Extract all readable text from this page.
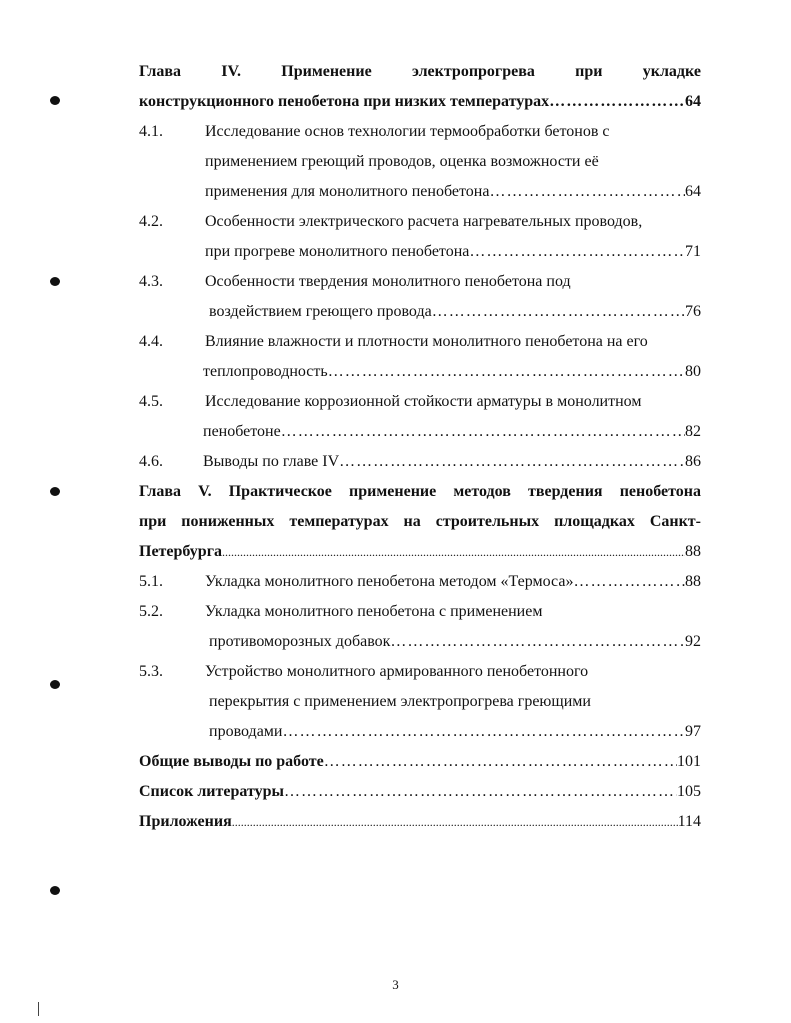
Глава	IV.	Применение	электропрогрева	при	укладке
конструкционного пенобетона при низких температурах …………………………………………………………………………………………………………………………………………………………………………………………………	64
4.1.	Исследование основ технологии термообработки бетонов с
применением греющий проводов, оценка возможности её
применения для монолитного пенобетона …………………………………………………………………………………………………………………………………………………………………………………………………	64
4.2.	Особенности электрического расчета нагревательных проводов,
при прогреве монолитного пенобетона …………………………………………………………………………………………………………………………………………………………………………………………………	71
4.3.	Особенности твердения монолитного пенобетона под
воздействием греющего провода …………………………………………………………………………………………………………………………………………………………………………………………………	76
4.4.	Влияние влажности и плотности монолитного пенобетона на его
теплопроводность …………………………………………………………………………………………………………………………………………………………………………………………………	80
4.5.	Исследование коррозионной стойкости арматуры в монолитном
пенобетоне …………………………………………………………………………………………………………………………………………………………………………………………………	82
4.6.	Выводы по главе IV …………………………………………………………………………………………………………………………………………………………………………………………………	86
Глава V. Практическое применение методов твердения пенобетона
при пониженных температурах на строительных площадках Санкт-
Петербурга .....	88
5.1.	Укладка монолитного пенобетона методом «Термоса» …………………………………………………………………………………………………………………………………………………………………………………………………	88
5.2.	Укладка монолитного пенобетона с применением
противоморозных добавок …………………………………………………………………………………………………………………………………………………………………………………………………	92
5.3.	Устройство монолитного армированного пенобетонного
перекрытия с применением электропрогрева греющими
проводами …………………………………………………………………………………………………………………………………………………………………………………………………	97
Общие выводы по работе …………………………………………………………………………………………………………………………………………………………………………………………………	101
Список литературы …………………………………………………………………………………………………………………………………………………………………………………………………	105
Приложения .....	114
3
